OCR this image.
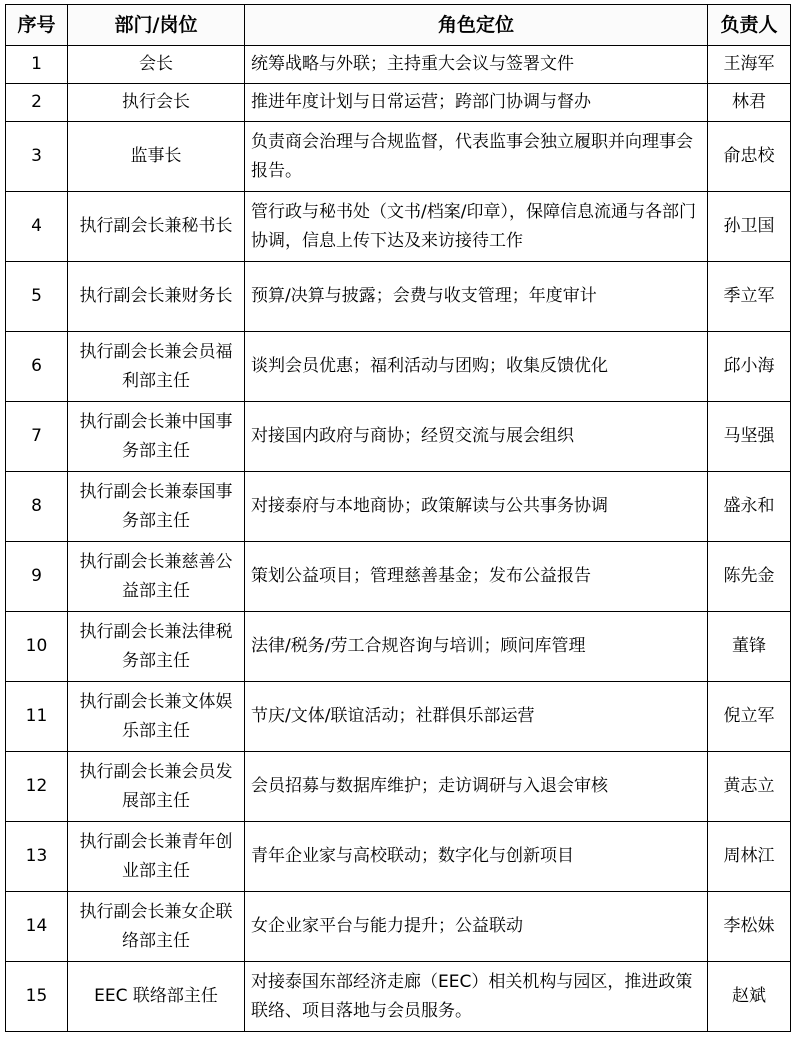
序号	部门/岗位	角色定位	负责人
1	会长	统筹战略与外联；主持重大会议与签署文件	王海军
2	执行会长	推进年度计划与日常运营；跨部门协调与督办	林君
3	监事长	负责商会治理与合规监督，代表监事会独立履职并向理事会报告。	俞忠校
4	执行副会长兼秘书长	管行政与秘书处（文书/档案/印章），保障信息流通与各部门协调，信息上传下达及来访接待工作	孙卫国
5	执行副会长兼财务长	预算/决算与披露；会费与收支管理；年度审计	季立军
6	执行副会长兼会员福利部主任	谈判会员优惠；福利活动与团购；收集反馈优化	邱小海
7	执行副会长兼中国事务部主任	对接国内政府与商协；经贸交流与展会组织	马坚强
8	执行副会长兼泰国事务部主任	对接泰府与本地商协；政策解读与公共事务协调	盛永和
9	执行副会长兼慈善公益部主任	策划公益项目；管理慈善基金；发布公益报告	陈先金
10	执行副会长兼法律税务部主任	法律/税务/劳工合规咨询与培训；顾问库管理	董锋
11	执行副会长兼文体娱乐部主任	节庆/文体/联谊活动；社群俱乐部运营	倪立军
12	执行副会长兼会员发展部主任	会员招募与数据库维护；走访调研与入退会审核	黄志立
13	执行副会长兼青年创业部主任	青年企业家与高校联动；数字化与创新项目	周林江
14	执行副会长兼女企联络部主任	女企业家平台与能力提升；公益联动	李松妹
15	EEC 联络部主任	对接泰国东部经济走廊（EEC）相关机构与园区，推进政策联络、项目落地与会员服务。	赵斌
